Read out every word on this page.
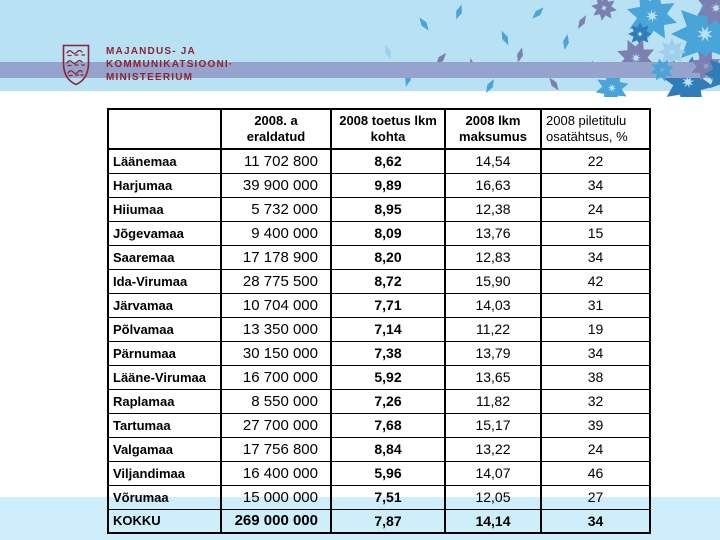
MAJANDUS- JA
KOMMUNIKATSIOONI·
MINISTEERIUM
	2008. a eraldatud	2008 toetus lkm kohta	2008 lkm maksumus	2008 piletitulu osatähtsus, %
Läänemaa	11 702 800	8,62	14,54	22
Harjumaa	39 900 000	9,89	16,63	34
Hiiumaa	5 732 000	8,95	12,38	24
Jõgevamaa	9 400 000	8,09	13,76	15
Saaremaa	17 178 900	8,20	12,83	34
Ida-Virumaa	28 775 500	8,72	15,90	42
Järvamaa	10 704 000	7,71	14,03	31
Põlvamaa	13 350 000	7,14	11,22	19
Pärnumaa	30 150 000	7,38	13,79	34
Lääne-Virumaa	16 700 000	5,92	13,65	38
Raplamaa	8 550 000	7,26	11,82	32
Tartumaa	27 700 000	7,68	15,17	39
Valgamaa	17 756 800	8,84	13,22	24
Viljandimaa	16 400 000	5,96	14,07	46
Võrumaa	15 000 000	7,51	12,05	27
KOKKU	269 000 000	7,87	14,14	34
